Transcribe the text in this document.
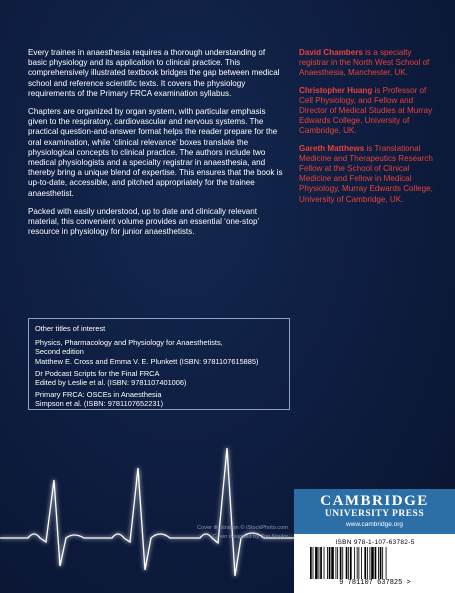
Every trainee in anaesthesia requires a thorough understanding of basic physiology and its application to clinical practice. This comprehensively illustrated textbook bridges the gap between medical school and reference scientific texts. It covers the physiology requirements of the Primary FRCA examination syllabus.

Chapters are organized by organ system, with particular emphasis given to the respiratory, cardiovascular and nervous systems. The practical question-and-answer format helps the reader prepare for the oral examination, while ‘clinical relevance’ boxes translate the physiological concepts to clinical practice. The authors include two medical physiologists and a specialty registrar in anaesthesia, and thereby bring a unique blend of expertise. This ensures that the book is up-to-date, accessible, and pitched appropriately for the trainee anaesthetist.

Packed with easily understood, up to date and clinically relevant material, this convenient volume provides an essential ‘one-stop’ resource in physiology for junior anaesthetists.

David Chambers is a specialty registrar in the North West School of Anaesthesia, Manchester, UK.

Christopher Huang is Professor of Cell Physiology, and Fellow and Director of Medical Studies at Murray Edwards College, University of Cambridge, UK.

Gareth Matthews is Translational Medicine and Therapeutics Research Fellow at the School of Clinical Medicine and Fellow in Medical Physiology, Murray Edwards College, University of Cambridge, UK.

Other titles of interest
Physics, Pharmacology and Physiology for Anaesthetists,
Second edition
Matthew E. Cross and Emma V. E. Plunkett (ISBN: 9781107615885)
Dr Podcast Scripts for the Final FRCA
Edited by Leslie et al. (ISBN: 9781107401006)
Primary FRCA: OSCEs in Anaesthesia
Simpson et al. (ISBN: 9781107652231)
Cover illustration © iStockPhoto.com
Cover designed by Zoe Naylor
CAMBRIDGE
UNIVERSITY PRESS
www.cambridge.org
ISBN 978-1-107-63782-5
9 781107 637825 >
